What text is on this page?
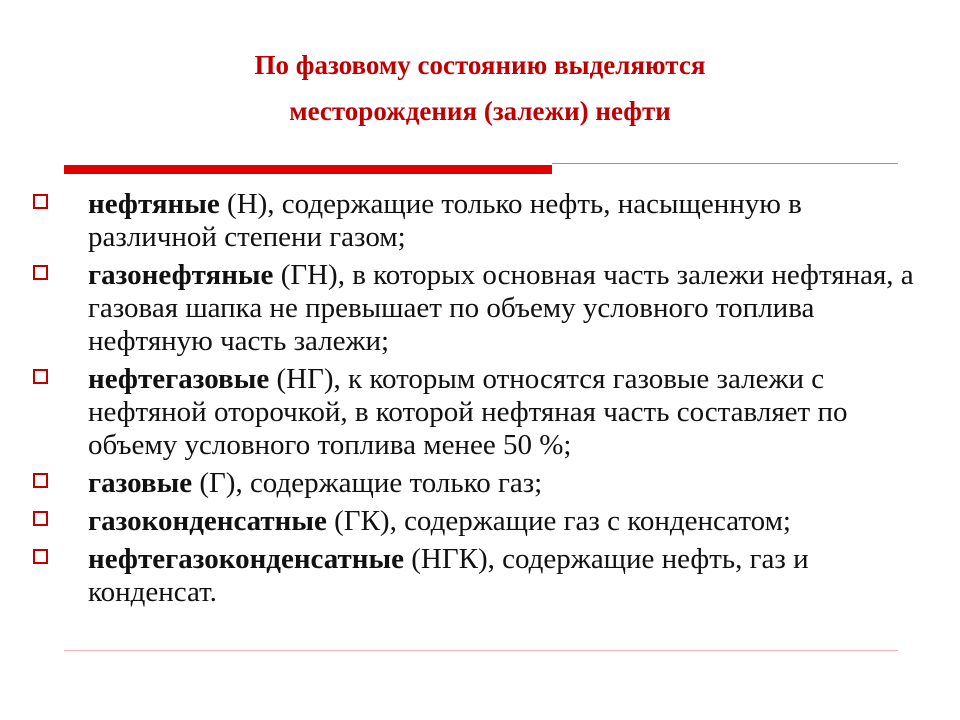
По фазовому состоянию выделяются
месторождения (залежи) нефти
нефтяные (Н), содержащие только нефть, насыщенную в различной степени газом;
газонефтяные (ГН), в которых основная часть залежи нефтяная, а газовая шапка не превышает по объему условного топлива нефтяную часть залежи;
нефтегазовые (НГ), к которым относятся газовые залежи с нефтяной оторочкой, в которой нефтяная часть составляет по объему условного топлива менее 50 %;
газовые (Г), содержащие только газ;
газоконденсатные (ГК), содержащие газ с конденсатом;
нефтегазоконденсатные (НГК), содержащие нефть, газ и конденсат.
